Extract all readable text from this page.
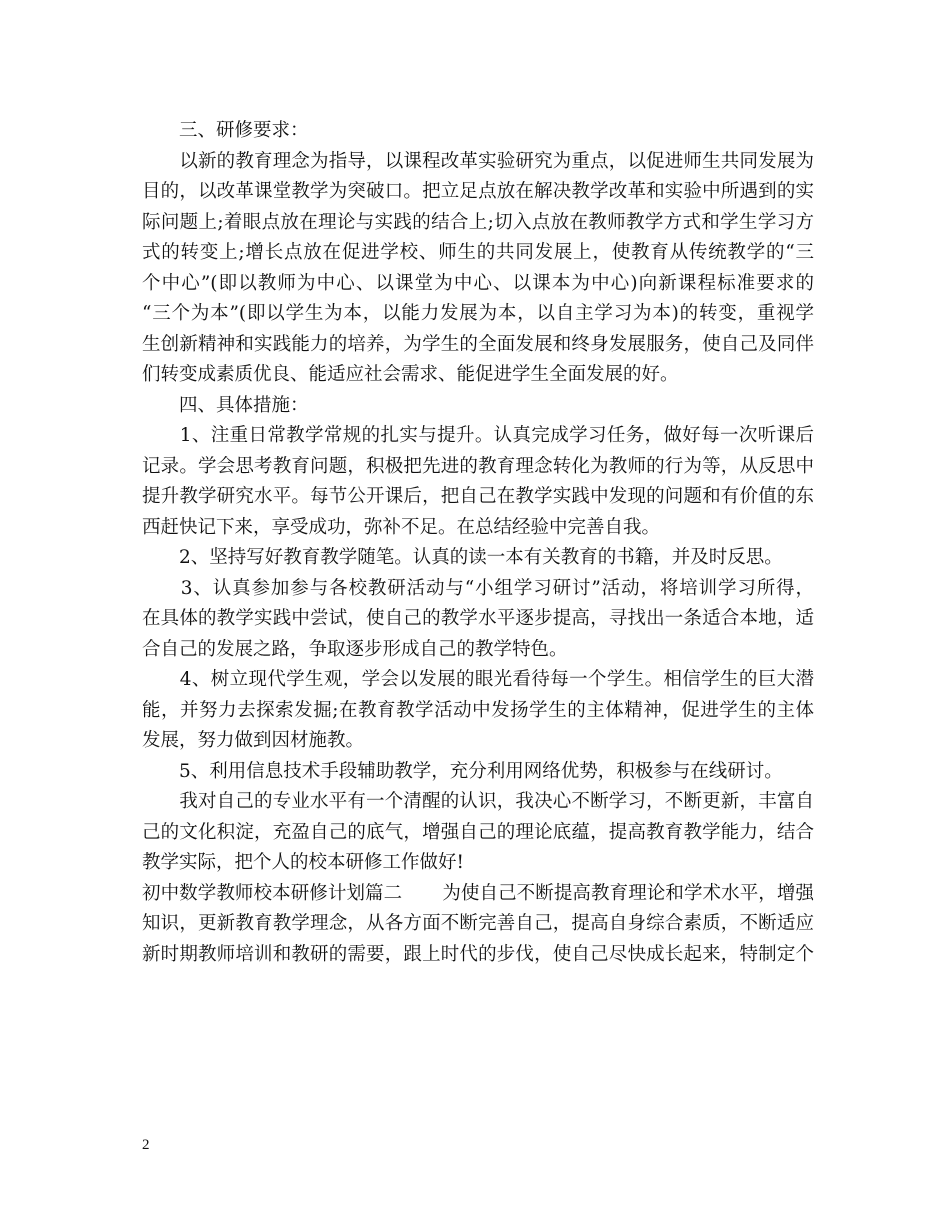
　　三、研修要求：
　　以新的教育理念为指导，以课程改革实验研究为重点，以促进师生共同发展为
目的，以改革课堂教学为突破口。把立足点放在解决教学改革和实验中所遇到的实
际问题上;着眼点放在理论与实践的结合上;切入点放在教师教学方式和学生学习方
式的转变上;增长点放在促进学校、师生的共同发展上，使教育从传统教学的“三
个中心”(即以教师为中心、以课堂为中心、以课本为中心)向新课程标准要求的
“三个为本”(即以学生为本，以能力发展为本，以自主学习为本)的转变，重视学
生创新精神和实践能力的培养，为学生的全面发展和终身发展服务，使自己及同伴
们转变成素质优良、能适应社会需求、能促进学生全面发展的好。
　　四、具体措施：
　　1、注重日常教学常规的扎实与提升。认真完成学习任务，做好每一次听课后
记录。学会思考教育问题，积极把先进的教育理念转化为教师的行为等，从反思中
提升教学研究水平。每节公开课后，把自己在教学实践中发现的问题和有价值的东
西赶快记下来，享受成功，弥补不足。在总结经验中完善自我。
　　2、坚持写好教育教学随笔。认真的读一本有关教育的书籍，并及时反思。
　　3、认真参加参与各校教研活动与“小组学习研讨”活动，将培训学习所得，
在具体的教学实践中尝试，使自己的教学水平逐步提高，寻找出一条适合本地，适
合自己的发展之路，争取逐步形成自己的教学特色。
　　4、树立现代学生观，学会以发展的眼光看待每一个学生。相信学生的巨大潜
能，并努力去探索发掘;在教育教学活动中发扬学生的主体精神，促进学生的主体
发展，努力做到因材施教。
　　5、利用信息技术手段辅助教学，充分利用网络优势，积极参与在线研讨。
　　我对自己的专业水平有一个清醒的认识，我决心不断学习，不断更新，丰富自
己的文化积淀，充盈自己的底气，增强自己的理论底蕴，提高教育教学能力，结合
教学实际，把个人的校本研修工作做好!
初中数学教师校本研修计划篇二 为使自己不断提高教育理论和学术水平，增强
知识，更新教育教学理念，从各方面不断完善自己，提高自身综合素质，不断适应
新时期教师培训和教研的需要，跟上时代的步伐，使自己尽快成长起来，特制定个
2
